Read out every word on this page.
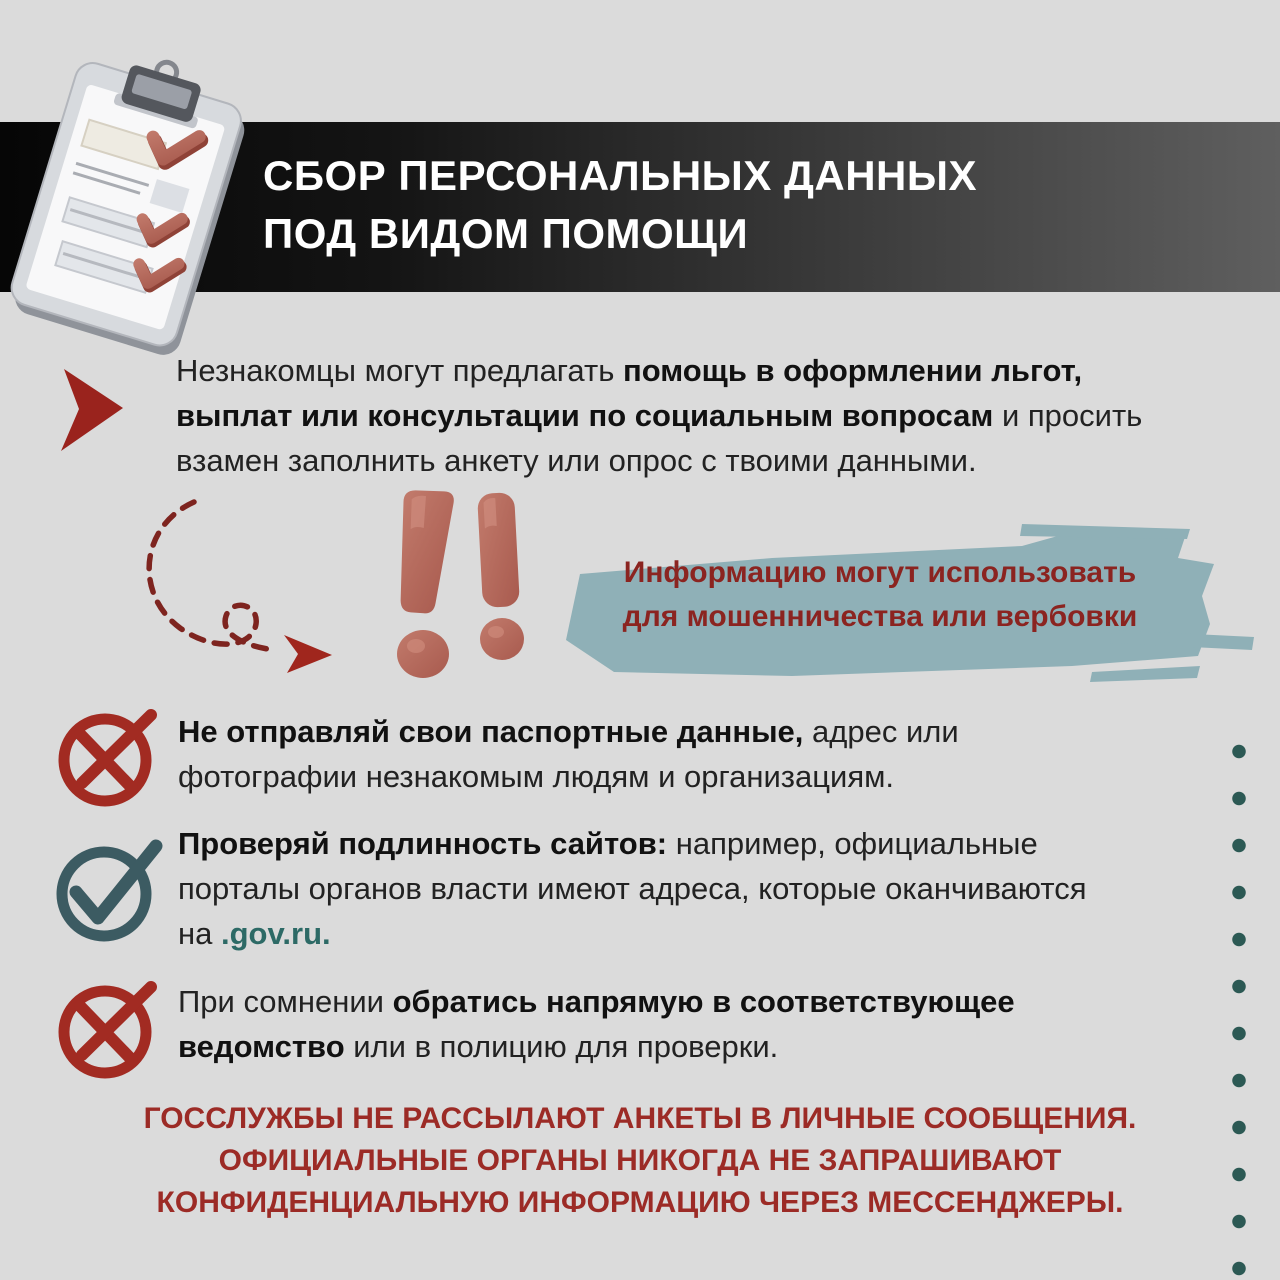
СБОР ПЕРСОНАЛЬНЫХ ДАННЫХ
ПОД ВИДОМ ПОМОЩИ

Незнакомцы могут предлагать помощь в оформлении льгот, выплат или консультации по социальным вопросам и просить взамен заполнить анкету или опрос с твоими данными.

Информацию могут использовать
для мошенничества или вербовки

Не отправляй свои паспортные данные, адрес или фотографии незнакомым людям и организациям.

Проверяй подлинность сайтов: например, официальные порталы органов власти имеют адреса, которые оканчиваются на .gov.ru.

При сомнении обратись напрямую в соответствующее ведомство или в полицию для проверки.

ГОССЛУЖБЫ НЕ РАССЫЛАЮТ АНКЕТЫ В ЛИЧНЫЕ СООБЩЕНИЯ.
ОФИЦИАЛЬНЫЕ ОРГАНЫ НИКОГДА НЕ ЗАПРАШИВАЮТ
КОНФИДЕНЦИАЛЬНУЮ ИНФОРМАЦИЮ ЧЕРЕЗ МЕССЕНДЖЕРЫ.
